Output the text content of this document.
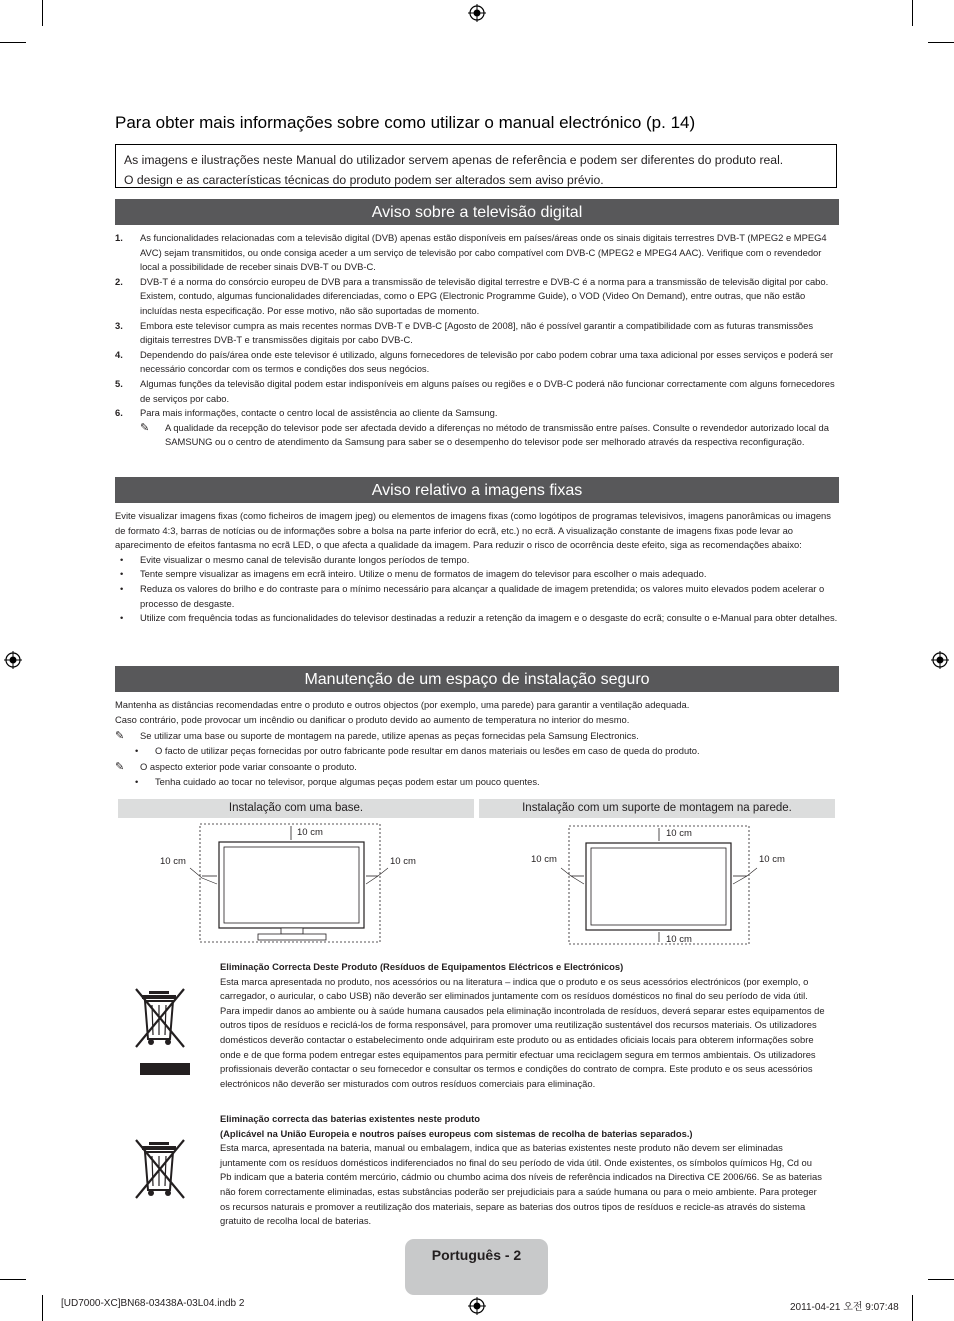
Para obter mais informações sobre como utilizar o manual electrónico (p. 14)
As imagens e ilustrações neste Manual do utilizador servem apenas de referência e podem ser diferentes do produto real.
O design e as características técnicas do produto podem ser alterados sem aviso prévio.
Aviso sobre a televisão digital
1. As funcionalidades relacionadas com a televisão digital (DVB) apenas estão disponíveis em países/áreas onde os sinais digitais terrestres DVB-T (MPEG2 e MPEG4 AVC) sejam transmitidos, ou onde consiga aceder a um serviço de televisão por cabo compatível com DVB-C (MPEG2 e MPEG4 AAC). Verifique com o revendedor local a possibilidade de receber sinais DVB-T ou DVB-C.
2. DVB-T é a norma do consórcio europeu de DVB para a transmissão de televisão digital terrestre e DVB-C é a norma para a transmissão de televisão digital por cabo. Existem, contudo, algumas funcionalidades diferenciadas, como o EPG (Electronic Programme Guide), o VOD (Video On Demand), entre outras, que não estão incluídas nesta especificação. Por esse motivo, não são suportadas de momento.
3. Embora este televisor cumpra as mais recentes normas DVB-T e DVB-C [Agosto de 2008], não é possível garantir a compatibilidade com as futuras transmissões digitais terrestres DVB-T e transmissões digitais por cabo DVB-C.
4. Dependendo do país/área onde este televisor é utilizado, alguns fornecedores de televisão por cabo podem cobrar uma taxa adicional por esses serviços e poderá ser necessário concordar com os termos e condições dos seus negócios.
5. Algumas funções da televisão digital podem estar indisponíveis em alguns países ou regiões e o DVB-C poderá não funcionar correctamente com alguns fornecedores de serviços por cabo.
6. Para mais informações, contacte o centro local de assistência ao cliente da Samsung.
✎ A qualidade da recepção do televisor pode ser afectada devido a diferenças no método de transmissão entre países. Consulte o revendedor autorizado local da SAMSUNG ou o centro de atendimento da Samsung para saber se o desempenho do televisor pode ser melhorado através da respectiva reconfiguração.
Aviso relativo a imagens fixas
Evite visualizar imagens fixas (como ficheiros de imagem jpeg) ou elementos de imagens fixas (como logótipos de programas televisivos, imagens panorâmicas ou imagens de formato 4:3, barras de notícias ou de informações sobre a bolsa na parte inferior do ecrã, etc.) no ecrã. A visualização constante de imagens fixas pode levar ao aparecimento de efeitos fantasma no ecrã LED, o que afecta a qualidade da imagem. Para reduzir o risco de ocorrência deste efeito, siga as recomendações abaixo:
• Evite visualizar o mesmo canal de televisão durante longos períodos de tempo.
• Tente sempre visualizar as imagens em ecrã inteiro. Utilize o menu de formatos de imagem do televisor para escolher o mais adequado.
• Reduza os valores do brilho e do contraste para o mínimo necessário para alcançar a qualidade de imagem pretendida; os valores muito elevados podem acelerar o processo de desgaste.
• Utilize com frequência todas as funcionalidades do televisor destinadas a reduzir a retenção da imagem e o desgaste do ecrã; consulte o e-Manual para obter detalhes.
Manutenção de um espaço de instalação seguro
Mantenha as distâncias recomendadas entre o produto e outros objectos (por exemplo, uma parede) para garantir a ventilação adequada.
Caso contrário, pode provocar um incêndio ou danificar o produto devido ao aumento de temperatura no interior do mesmo.
✎ Se utilizar uma base ou suporte de montagem na parede, utilize apenas as peças fornecidas pela Samsung Electronics.
• O facto de utilizar peças fornecidas por outro fabricante pode resultar em danos materiais ou lesões em caso de queda do produto.
✎ O aspecto exterior pode variar consoante o produto.
• Tenha cuidado ao tocar no televisor, porque algumas peças podem estar um pouco quentes.
Instalação com uma base.	Instalação com um suporte de montagem na parede.
10 cm
10 cm	10 cm
10 cm
10 cm	10 cm
10 cm
Eliminação Correcta Deste Produto (Resíduos de Equipamentos Eléctricos e Electrónicos)
Esta marca apresentada no produto, nos acessórios ou na literatura – indica que o produto e os seus acessórios electrónicos (por exemplo, o carregador, o auricular, o cabo USB) não deverão ser eliminados juntamente com os resíduos domésticos no final do seu período de vida útil. Para impedir danos ao ambiente ou à saúde humana causados pela eliminação incontrolada de resíduos, deverá separar estes equipamentos de outros tipos de resíduos e reciclá-los de forma responsável, para promover uma reutilização sustentável dos recursos materiais. Os utilizadores domésticos deverão contactar o estabelecimento onde adquiriram este produto ou as entidades oficiais locais para obterem informações sobre onde e de que forma podem entregar estes equipamentos para permitir efectuar uma reciclagem segura em termos ambientais. Os utilizadores profissionais deverão contactar o seu fornecedor e consultar os termos e condições do contrato de compra. Este produto e os seus acessórios electrónicos não deverão ser misturados com outros resíduos comerciais para eliminação.
Eliminação correcta das baterias existentes neste produto
(Aplicável na União Europeia e noutros países europeus com sistemas de recolha de baterias separados.)
Esta marca, apresentada na bateria, manual ou embalagem, indica que as baterias existentes neste produto não devem ser eliminadas juntamente com os resíduos domésticos indiferenciados no final do seu período de vida útil. Onde existentes, os símbolos químicos Hg, Cd ou Pb indicam que a bateria contém mercúrio, cádmio ou chumbo acima dos níveis de referência indicados na Directiva CE 2006/66. Se as baterias não forem correctamente eliminadas, estas substâncias poderão ser prejudiciais para a saúde humana ou para o meio ambiente. Para proteger os recursos naturais e promover a reutilização dos materiais, separe as baterias dos outros tipos de resíduos e recicle-as através do sistema gratuito de recolha local de baterias.
Português - 2
[UD7000-XC]BN68-03438A-03L04.indb 2	2011-04-21 오전 9:07:48
